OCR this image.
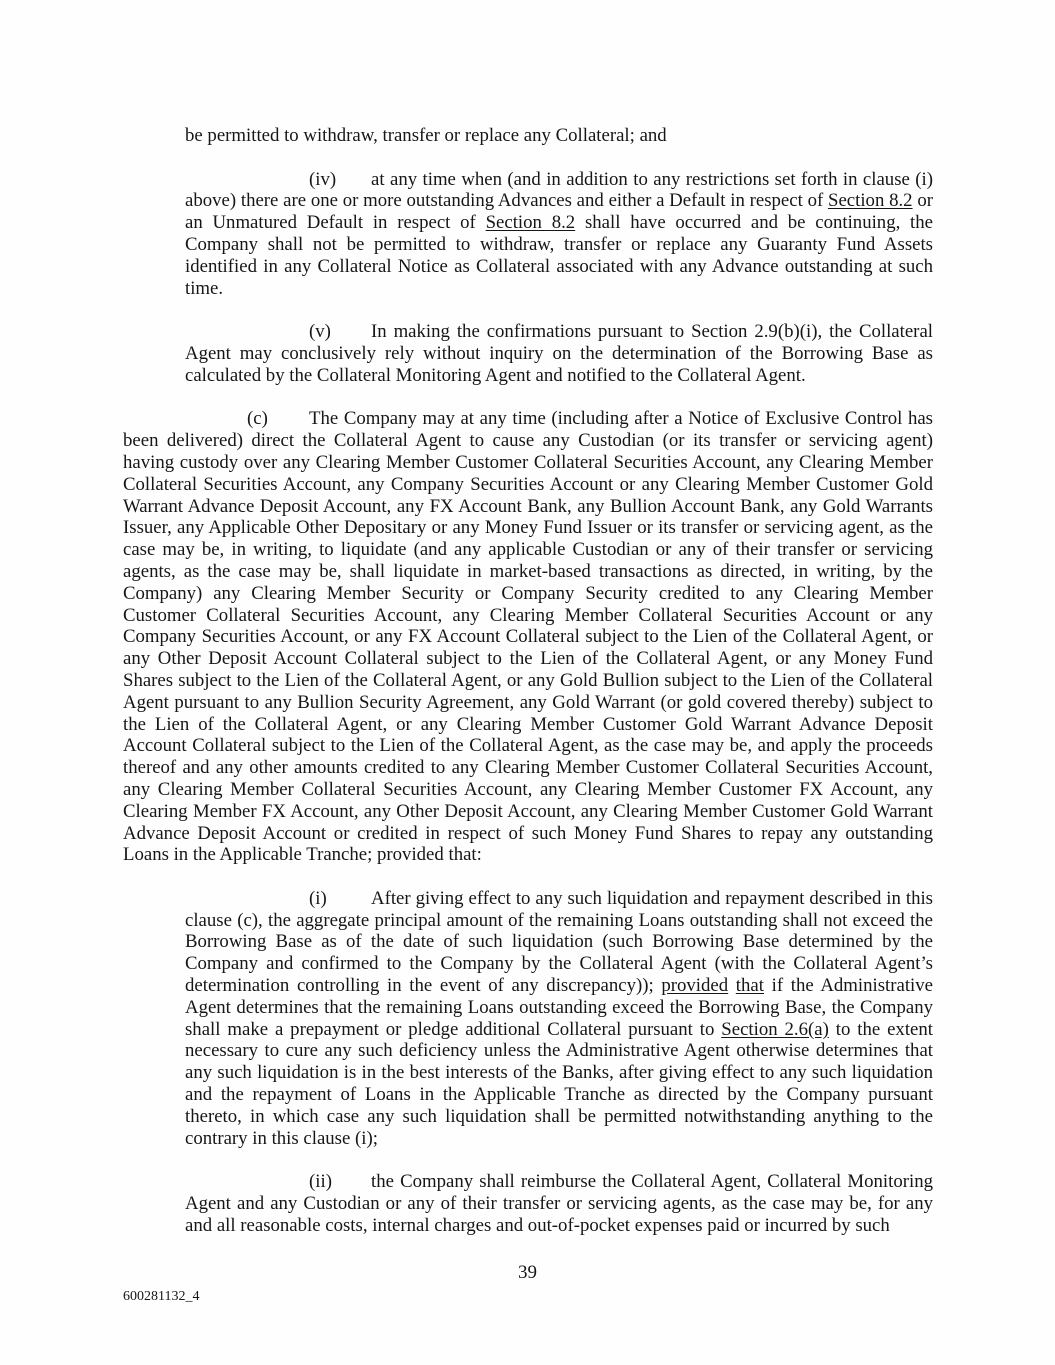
be permitted to withdraw, transfer or replace any Collateral; and

(iv) at any time when (and in addition to any restrictions set forth in clause (i) above) there are one or more outstanding Advances and either a Default in respect of Section 8.2 or an Unmatured Default in respect of Section 8.2 shall have occurred and be continuing, the Company shall not be permitted to withdraw, transfer or replace any Guaranty Fund Assets identified in any Collateral Notice as Collateral associated with any Advance outstanding at such time.

(v) In making the confirmations pursuant to Section 2.9(b)(i), the Collateral Agent may conclusively rely without inquiry on the determination of the Borrowing Base as calculated by the Collateral Monitoring Agent and notified to the Collateral Agent.

(c) The Company may at any time (including after a Notice of Exclusive Control has been delivered) direct the Collateral Agent to cause any Custodian (or its transfer or servicing agent) having custody over any Clearing Member Customer Collateral Securities Account, any Clearing Member Collateral Securities Account, any Company Securities Account or any Clearing Member Customer Gold Warrant Advance Deposit Account, any FX Account Bank, any Bullion Account Bank, any Gold Warrants Issuer, any Applicable Other Depositary or any Money Fund Issuer or its transfer or servicing agent, as the case may be, in writing, to liquidate (and any applicable Custodian or any of their transfer or servicing agents, as the case may be, shall liquidate in market-based transactions as directed, in writing, by the Company) any Clearing Member Security or Company Security credited to any Clearing Member Customer Collateral Securities Account, any Clearing Member Collateral Securities Account or any Company Securities Account, or any FX Account Collateral subject to the Lien of the Collateral Agent, or any Other Deposit Account Collateral subject to the Lien of the Collateral Agent, or any Money Fund Shares subject to the Lien of the Collateral Agent, or any Gold Bullion subject to the Lien of the Collateral Agent pursuant to any Bullion Security Agreement, any Gold Warrant (or gold covered thereby) subject to the Lien of the Collateral Agent, or any Clearing Member Customer Gold Warrant Advance Deposit Account Collateral subject to the Lien of the Collateral Agent, as the case may be, and apply the proceeds thereof and any other amounts credited to any Clearing Member Customer Collateral Securities Account, any Clearing Member Collateral Securities Account, any Clearing Member Customer FX Account, any Clearing Member FX Account, any Other Deposit Account, any Clearing Member Customer Gold Warrant Advance Deposit Account or credited in respect of such Money Fund Shares to repay any outstanding Loans in the Applicable Tranche; provided that:

(i) After giving effect to any such liquidation and repayment described in this clause (c), the aggregate principal amount of the remaining Loans outstanding shall not exceed the Borrowing Base as of the date of such liquidation (such Borrowing Base determined by the Company and confirmed to the Company by the Collateral Agent (with the Collateral Agent’s determination controlling in the event of any discrepancy)); provided that if the Administrative Agent determines that the remaining Loans outstanding exceed the Borrowing Base, the Company shall make a prepayment or pledge additional Collateral pursuant to Section 2.6(a) to the extent necessary to cure any such deficiency unless the Administrative Agent otherwise determines that any such liquidation is in the best interests of the Banks, after giving effect to any such liquidation and the repayment of Loans in the Applicable Tranche as directed by the Company pursuant thereto, in which case any such liquidation shall be permitted notwithstanding anything to the contrary in this clause (i);

(ii) the Company shall reimburse the Collateral Agent, Collateral Monitoring Agent and any Custodian or any of their transfer or servicing agents, as the case may be, for any and all reasonable costs, internal charges and out-of-pocket expenses paid or incurred by such

39
600281132_4
